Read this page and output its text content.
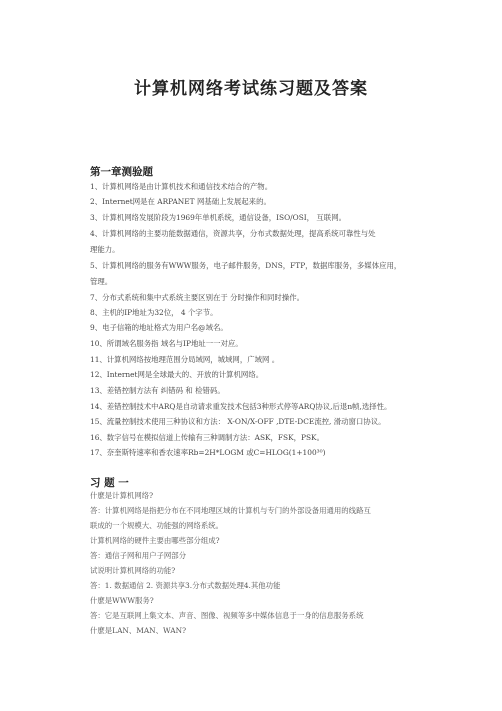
计算机网络考试练习题及答案
第一章测验题
1、计算机网络是由计算机技术和通信技术结合的产物。
2、Internet网是在 ARPANET 网基础上发展起来的。
3、计算机网络发展阶段为1969年单机系统，通信设备，ISO/OSI， 互联网。
4、计算机网络的主要功能数据通信，资源共享，分布式数据处理，提高系统可靠性与处
理能力。
5、计算机网络的服务有WWW服务，电子邮件服务，DNS，FTP，数据库服务，多媒体应用，
管理。
7、分布式系统和集中式系统主要区别在于 分时操作和同时操作。
8、主机的IP地址为32位， 4 个字节。
9、电子信箱的地址格式为用户名@域名。
10、所谓域名服务指 域名与IP地址一一对应。
11、计算机网络按地理范围分局域网，城域网，广域网 。
12、Internet网是全球最大的、开放的计算机网络。
13、差错控制方法有 纠错码 和 检错码。
14、差错控制技术中ARQ是自动请求重发技术包括3种形式停等ARQ协议,后退n帧,选择性。
15、流量控制技术使用三种协议和方法： X-ON/X-OFF ,DTE-DCE流控, 滑动窗口协议。
16、数字信号在模拟信道上传输有三种调制方法：ASK，FSK，PSK。
17、奈奎斯特速率和香农速率Rb=2H*LOGM 或C=HLOG(1+100³⁰)
习 题 一
什麽是计算机网络?
答：计算机网络是指把分布在不同地理区域的计算机与专门的外部设备用通用的线路互
联成的一个规模大、功能强的网络系统。
计算机网络的硬件主要由哪些部分组成?
答：通信子网和用户子网部分
试说明计算机网络的功能?
答：1. 数据通信 2. 资源共享3.分布式数据处理4.其他功能
什麽是WWW服务?
答：它是互联网上集文本、声音、图像、视频等多中媒体信息于一身的信息服务系统
什麽是LAN、MAN、WAN?
